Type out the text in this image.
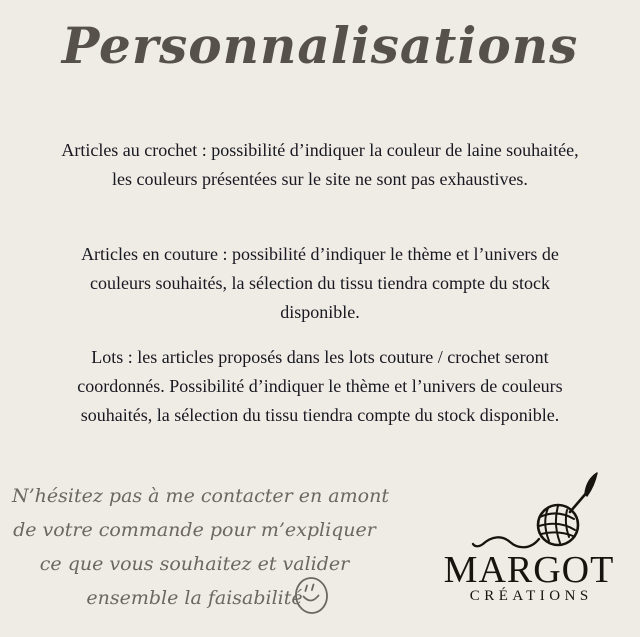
Personnalisations
Articles au crochet : possibilité d’indiquer la couleur de laine souhaitée,
les couleurs présentées sur le site ne sont pas exhaustives.
Articles en couture : possibilité d’indiquer le thème et l’univers de
couleurs souhaités, la sélection du tissu tiendra compte du stock
disponible.
Lots : les articles proposés dans les lots couture / crochet seront
coordonnés. Possibilité d’indiquer le thème et l’univers de couleurs
souhaités, la sélection du tissu tiendra compte du stock disponible.
N’hésitez pas à me contacter en amont
de votre commande pour m’expliquer
ce que vous souhaitez et valider
ensemble la faisabilité
MARGOT
CRÉATIONS
